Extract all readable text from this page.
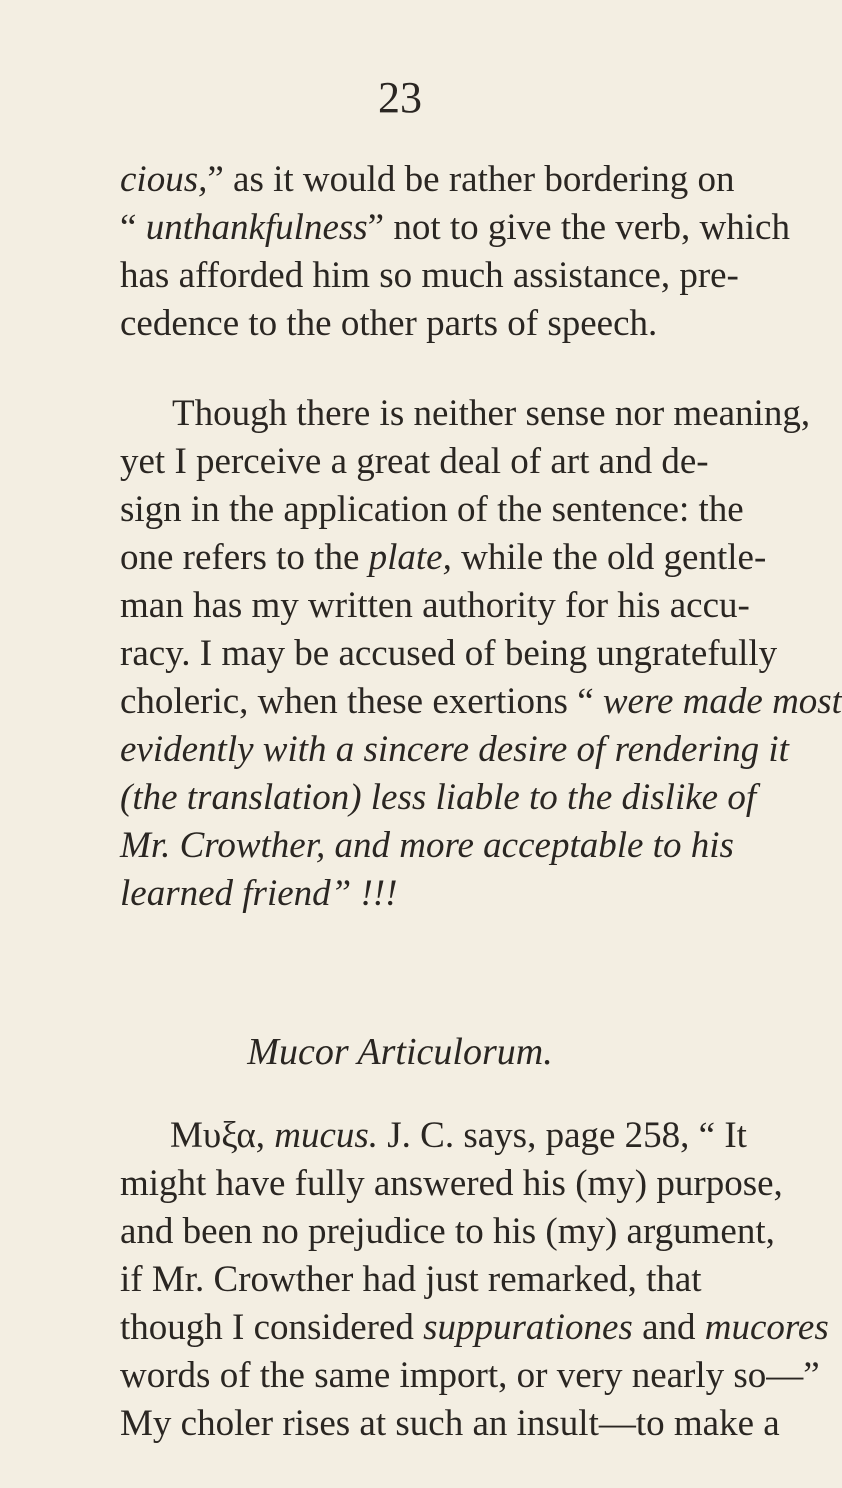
23
cious,” as it would be rather bordering on
“ unthankfulness” not to give the verb, which
has afforded him so much assistance, pre-
cedence to the other parts of speech.
Though there is neither sense nor meaning,
yet I perceive a great deal of art and de-
sign in the application of the sentence: the
one refers to the plate, while the old gentle-
man has my written authority for his accu-
racy. I may be accused of being ungratefully
choleric, when these exertions “ were made most
evidently with a sincere desire of rendering it
(the translation) less liable to the dislike of
Mr. Crowther, and more acceptable to his
learned friend” !!!
Mucor Articulorum.
Μυξα, mucus. J. C. says, page 258, “ It
might have fully answered his (my) purpose,
and been no prejudice to his (my) argument,
if Mr. Crowther had just remarked, that
though I considered suppurationes and mucores
words of the same import, or very nearly so—”
My choler rises at such an insult—to make a
